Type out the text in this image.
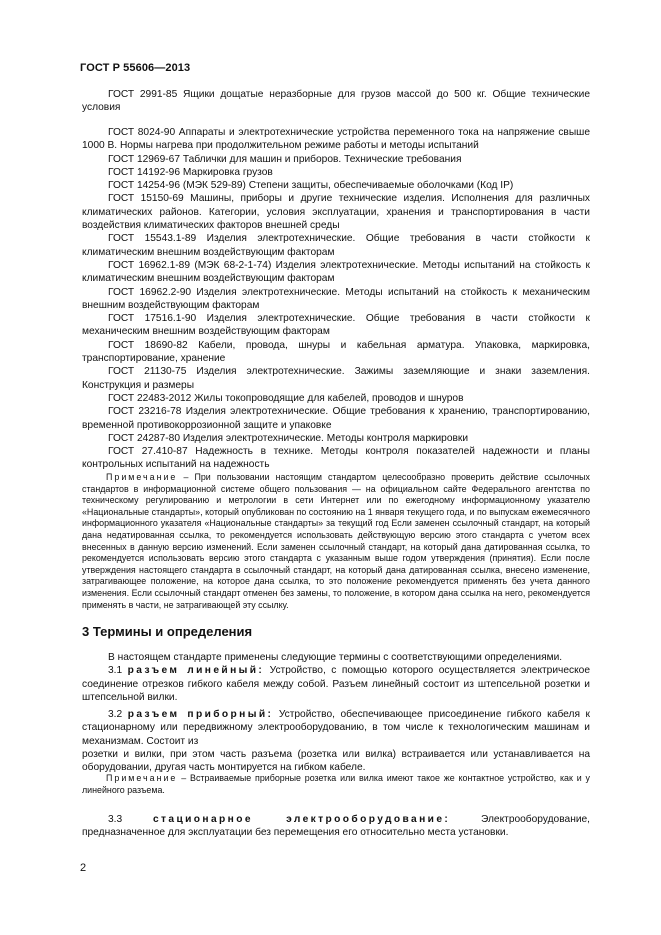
ГОСТ Р 55606—2013

ГОСТ 2991-85 Ящики дощатые неразборные для грузов массой до 500 кг. Общие технические условия

ГОСТ 8024-90 Аппараты и электротехнические устройства переменного тока на напряжение свыше 1000 В. Нормы нагрева при продолжительном режиме работы и методы испытаний

ГОСТ 12969-67 Таблички для машин и приборов. Технические требования

ГОСТ 14192-96 Маркировка грузов

ГОСТ 14254-96 (МЭК 529-89) Степени защиты, обеспечиваемые оболочками (Код IP)

ГОСТ 15150-69 Машины, приборы и другие технические изделия. Исполнения для различных климатических районов. Категории, условия эксплуатации, хранения и транспортирования в части воздействия климатических факторов внешней среды

ГОСТ 15543.1-89 Изделия электротехнические. Общие требования в части стойкости к климатическим внешним воздействующим факторам

ГОСТ 16962.1-89 (МЭК 68-2-1-74) Изделия электротехнические. Методы испытаний на стойкость к климатическим внешним воздействующим факторам

ГОСТ 16962.2-90 Изделия электротехнические. Методы испытаний на стойкость к механическим внешним воздействующим факторам

ГОСТ 17516.1-90 Изделия электротехнические. Общие требования в части стойкости к механическим внешним воздействующим факторам

ГОСТ 18690-82 Кабели, провода, шнуры и кабельная арматура. Упаковка, маркировка, транспортирование, хранение

ГОСТ 21130-75 Изделия электротехнические. Зажимы заземляющие и знаки заземления. Конструкция и размеры

ГОСТ 22483-2012 Жилы токопроводящие для кабелей, проводов и шнуров

ГОСТ 23216-78 Изделия электротехнические. Общие требования к хранению, транспортированию, временной противокоррозионной защите и упаковке

ГОСТ 24287-80 Изделия электротехнические. Методы контроля маркировки

ГОСТ 27.410-87 Надежность в технике. Методы контроля показателей надежности и планы контрольных испытаний на надежность

Примечание – При пользовании настоящим стандартом целесообразно проверить действие ссылочных стандартов в информационной системе общего пользования — на официальном сайте Федерального агентства по техническому регулированию и метрологии в сети Интернет или по ежегодному информационному указателю «Национальные стандарты», который опубликован по состоянию на 1 января текущего года, и по выпускам ежемесячного информационного указателя «Национальные стандарты» за текущий год Если заменен ссылочный стандарт, на который дана недатированная ссылка, то рекомендуется использовать действующую версию этого стандарта с учетом всех внесенных в данную версию изменений. Если заменен ссылочный стандарт, на который дана датированная ссылка, то рекомендуется использовать версию этого стандарта с указанным выше годом утверждения (принятия). Если после утверждения настоящего стандарта в ссылочный стандарт, на который дана датированная ссылка, внесено изменение, затрагивающее положение, на которое дана ссылка, то это положение рекомендуется применять без учета данного изменения. Если ссылочный стандарт отменен без замены, то положение, в котором дана ссылка на него, рекомендуется применять в части, не затрагивающей эту ссылку.

3 Термины и определения

В настоящем стандарте применены следующие термины с соответствующими определениями.

3.1 разъем линейный: Устройство, с помощью которого осуществляется электрическое соединение отрезков гибкого кабеля между собой. Разъем линейный состоит из штепсельной розетки и штепсельной вилки.

3.2 разъем приборный: Устройство, обеспечивающее присоединение гибкого кабеля к стационарному или передвижному электрооборудованию, в том числе к технологическим машинам и механизмам. Состоит из

розетки и вилки, при этом часть разъема (розетка или вилка) встраивается или устанавливается на оборудовании, другая часть монтируется на гибком кабеле.

Примечание – Встраиваемые приборные розетка или вилка имеют такое же контактное устройство, как и у линейного разъема.

3.3 стационарное электрооборудование: Электрооборудование, предназначенное для эксплуатации без перемещения его относительно места установки.

2
